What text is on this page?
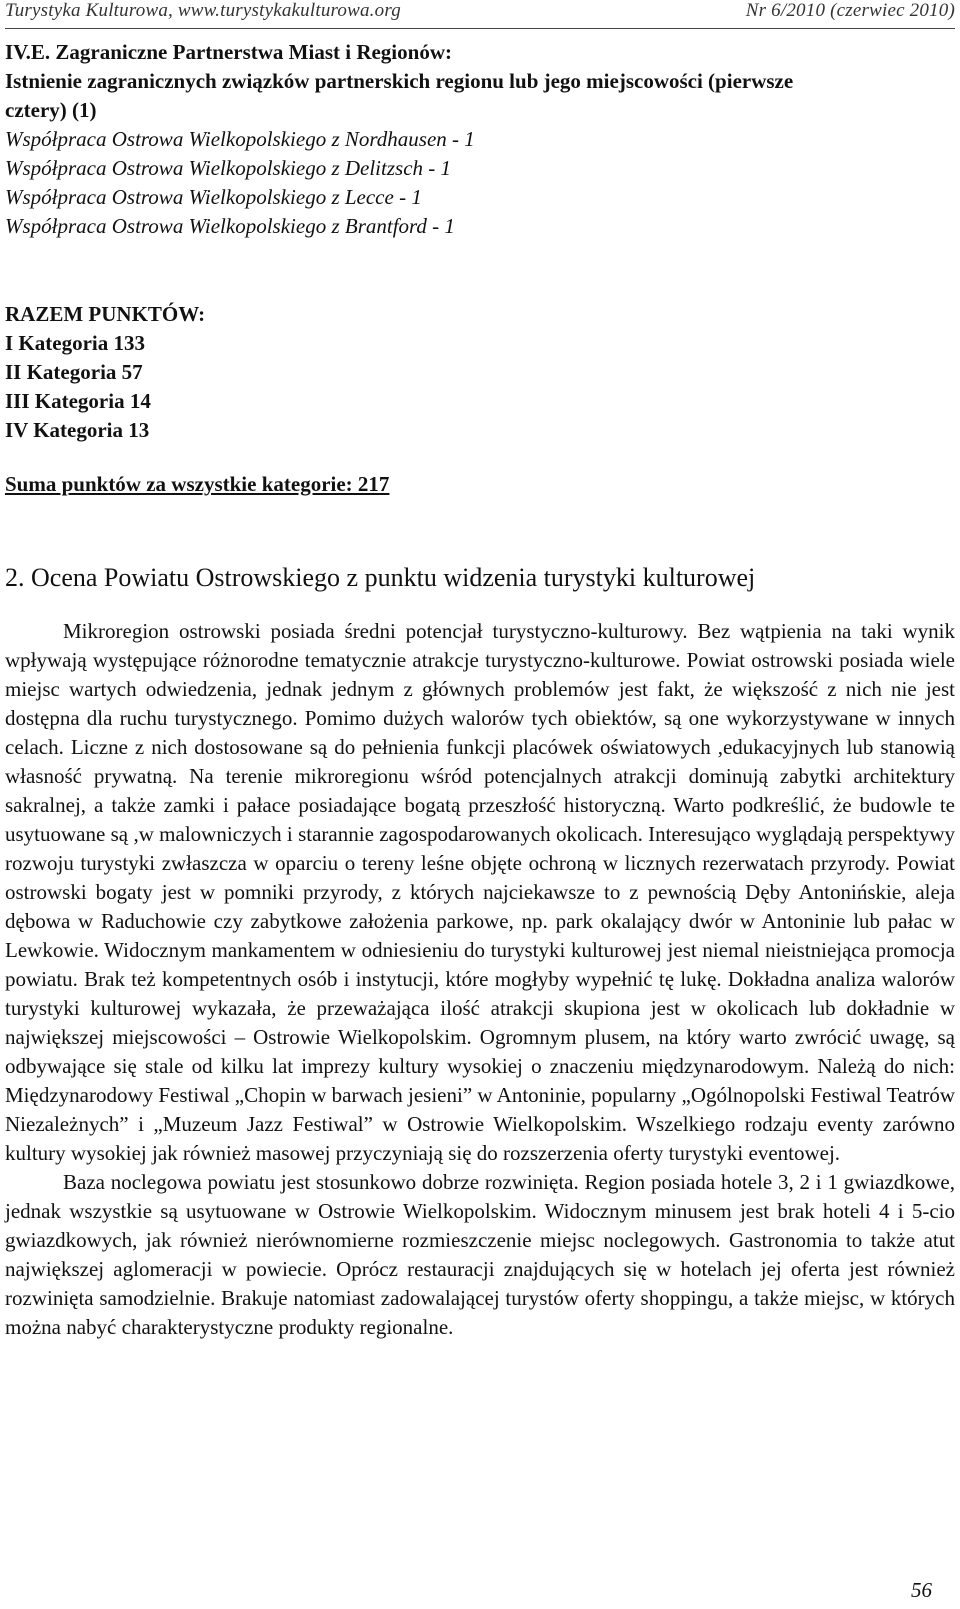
Turystyka Kulturowa, www.turystykakulturowa.org	Nr 6/2010 (czerwiec 2010)
IV.E. Zagraniczne Partnerstwa Miast i Regionów:
Istnienie zagranicznych związków partnerskich regionu lub jego miejscowości (pierwsze
cztery) (1)
Współpraca Ostrowa Wielkopolskiego z Nordhausen - 1
Współpraca Ostrowa Wielkopolskiego z Delitzsch - 1
Współpraca Ostrowa Wielkopolskiego z Lecce - 1
Współpraca Ostrowa Wielkopolskiego z Brantford - 1
RAZEM PUNKTÓW:
I Kategoria 133
II Kategoria 57
III Kategoria 14
IV Kategoria 13
Suma punktów za wszystkie kategorie: 217
2. Ocena Powiatu Ostrowskiego z punktu widzenia turystyki kulturowej

Mikroregion ostrowski posiada średni potencjał turystyczno-kulturowy. Bez wątpienia na taki wynik wpływają występujące różnorodne tematycznie atrakcje turystyczno-kulturowe. Powiat ostrowski posiada wiele miejsc wartych odwiedzenia, jednak jednym z głównych problemów jest fakt, że większość z nich nie jest dostępna dla ruchu turystycznego. Pomimo dużych walorów tych obiektów, są one wykorzystywane w innych celach. Liczne z nich dostosowane są do pełnienia funkcji placówek oświatowych ,edukacyjnych lub stanowią własność prywatną. Na terenie mikroregionu wśród potencjalnych atrakcji dominują zabytki architektury sakralnej, a także zamki i pałace posiadające bogatą przeszłość historyczną. Warto podkreślić, że budowle te usytuowane są ,w malowniczych i starannie zagospodarowanych okolicach. Interesująco wyglądają perspektywy rozwoju turystyki zwłaszcza w oparciu o tereny leśne objęte ochroną w licznych rezerwatach przyrody. Powiat ostrowski bogaty jest w pomniki przyrody, z których najciekawsze to z pewnością Dęby Antonińskie, aleja dębowa w Raduchowie czy zabytkowe założenia parkowe, np. park okalający dwór w Antoninie lub pałac w Lewkowie. Widocznym mankamentem w odniesieniu do turystyki kulturowej jest niemal nieistniejąca promocja powiatu. Brak też kompetentnych osób i instytucji, które mogłyby wypełnić tę lukę. Dokładna analiza walorów turystyki kulturowej wykazała, że przeważająca ilość atrakcji skupiona jest w okolicach lub dokładnie w największej miejscowości – Ostrowie Wielkopolskim. Ogromnym plusem, na który warto zwrócić uwagę, są odbywające się stale od kilku lat imprezy kultury wysokiej o znaczeniu międzynarodowym. Należą do nich: Międzynarodowy Festiwal „Chopin w barwach jesieni” w Antoninie, popularny „Ogólnopolski Festiwal Teatrów Niezależnych” i „Muzeum Jazz Festiwal” w Ostrowie Wielkopolskim. Wszelkiego rodzaju eventy zarówno kultury wysokiej jak również masowej przyczyniają się do rozszerzenia oferty turystyki eventowej.

Baza noclegowa powiatu jest stosunkowo dobrze rozwinięta. Region posiada hotele 3, 2 i 1 gwiazdkowe, jednak wszystkie są usytuowane w Ostrowie Wielkopolskim. Widocznym minusem jest brak hoteli 4 i 5-cio gwiazdkowych, jak również nierównomierne rozmieszczenie miejsc noclegowych. Gastronomia to także atut największej aglomeracji w powiecie. Oprócz restauracji znajdujących się w hotelach jej oferta jest również rozwinięta samodzielnie. Brakuje natomiast zadowalającej turystów oferty shoppingu, a także miejsc, w których można nabyć charakterystyczne produkty regionalne.

56
